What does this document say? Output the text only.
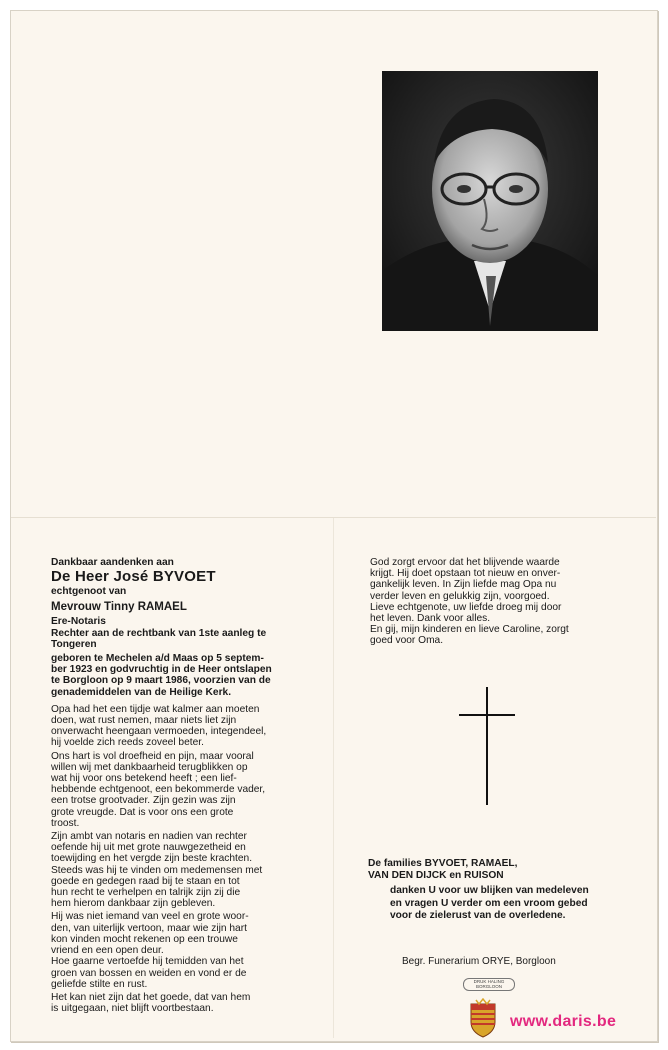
Dankbaar aandenken aan
De Heer José BYVOET
echtgenoot van
Mevrouw Tinny RAMAEL
Ere-Notaris
Rechter aan de rechtbank van 1ste aanleg te
Tongeren
geboren te Mechelen a/d Maas op 5 septem-
ber 1923 en godvruchtig in de Heer ontslapen
te Borgloon op 9 maart 1986, voorzien van de
genademiddelen van de Heilige Kerk.
Opa had het een tijdje wat kalmer aan moeten
doen, wat rust nemen, maar niets liet zijn
onverwacht heengaan vermoeden, integendeel,
hij voelde zich reeds zoveel beter.
Ons hart is vol droefheid en pijn, maar vooral
willen wij met dankbaarheid terugblikken op
wat hij voor ons betekend heeft ; een lief-
hebbende echtgenoot, een bekommerde vader,
een trotse grootvader. Zijn gezin was zijn
grote vreugde. Dat is voor ons een grote
troost.
Zijn ambt van notaris en nadien van rechter
oefende hij uit met grote nauwgezetheid en
toewijding en het vergde zijn beste krachten.
Steeds was hij te vinden om medemensen met
goede en gedegen raad bij te staan en tot
hun recht te verhelpen en talrijk zijn zij die
hem hierom dankbaar zijn gebleven.
Hij was niet iemand van veel en grote woor-
den, van uiterlijk vertoon, maar wie zijn hart
kon vinden mocht rekenen op een trouwe
vriend en een open deur.
Hoe gaarne vertoefde hij temidden van het
groen van bossen en weiden en vond er de
geliefde stilte en rust.
Het kan niet zijn dat het goede, dat van hem
is uitgegaan, niet blijft voortbestaan.
God zorgt ervoor dat het blijvende waarde
krijgt. Hij doet opstaan tot nieuw en onver-
gankelijk leven. In Zijn liefde mag Opa nu
verder leven en gelukkig zijn, voorgoed.
Lieve echtgenote, uw liefde droeg mij door
het leven. Dank voor alles.
En gij, mijn kinderen en lieve Caroline, zorgt
goed voor Oma.
De families BYVOET, RAMAEL,
VAN DEN DIJCK en RUISON
danken U voor uw blijken van medeleven
en vragen U verder om een vroom gebed
voor de zielerust van de overledene.
Begr. Funerarium ORYE, Borgloon
DRUK HALING
BORGLOON
www.daris.be
